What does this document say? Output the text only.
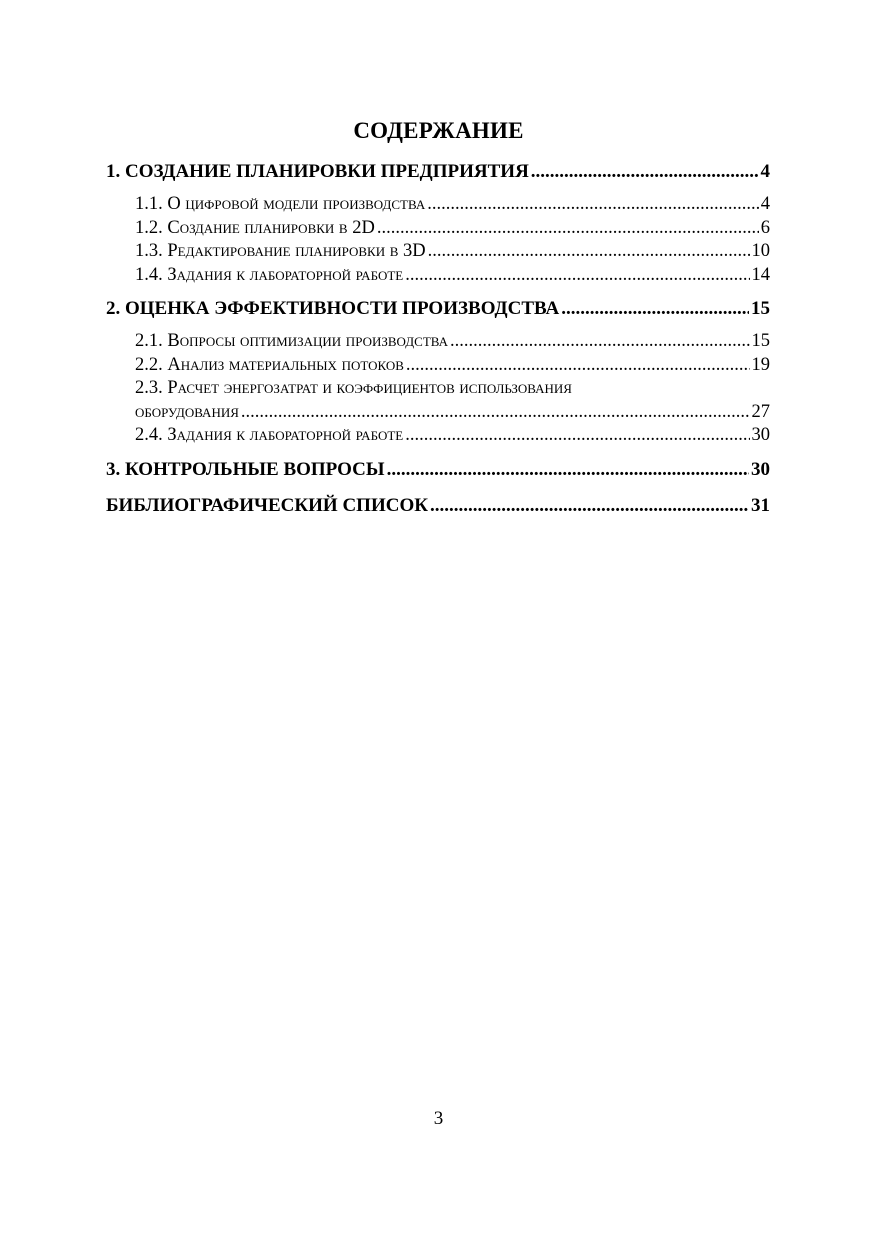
СОДЕРЖАНИЕ
1. СОЗДАНИЕ ПЛАНИРОВКИ ПРЕДПРИЯТИЯ .....	4
1.1. О цифровой модели производства .....	4
1.2. Создание планировки в 2D .....	6
1.3. Редактирование планировки в 3D .....	10
1.4. Задания к лабораторной работе .....	14
2. ОЦЕНКА ЭФФЕКТИВНОСТИ ПРОИЗВОДСТВА .....	15
2.1. Вопросы оптимизации производства .....	15
2.2. Анализ материальных потоков .....	19
2.3. Расчет энергозатрат и коэффициентов использования
оборудования .....	27
2.4. Задания к лабораторной работе .....	30
3. КОНТРОЛЬНЫЕ ВОПРОСЫ .....	30
БИБЛИОГРАФИЧЕСКИЙ СПИСОК .....	31
3
